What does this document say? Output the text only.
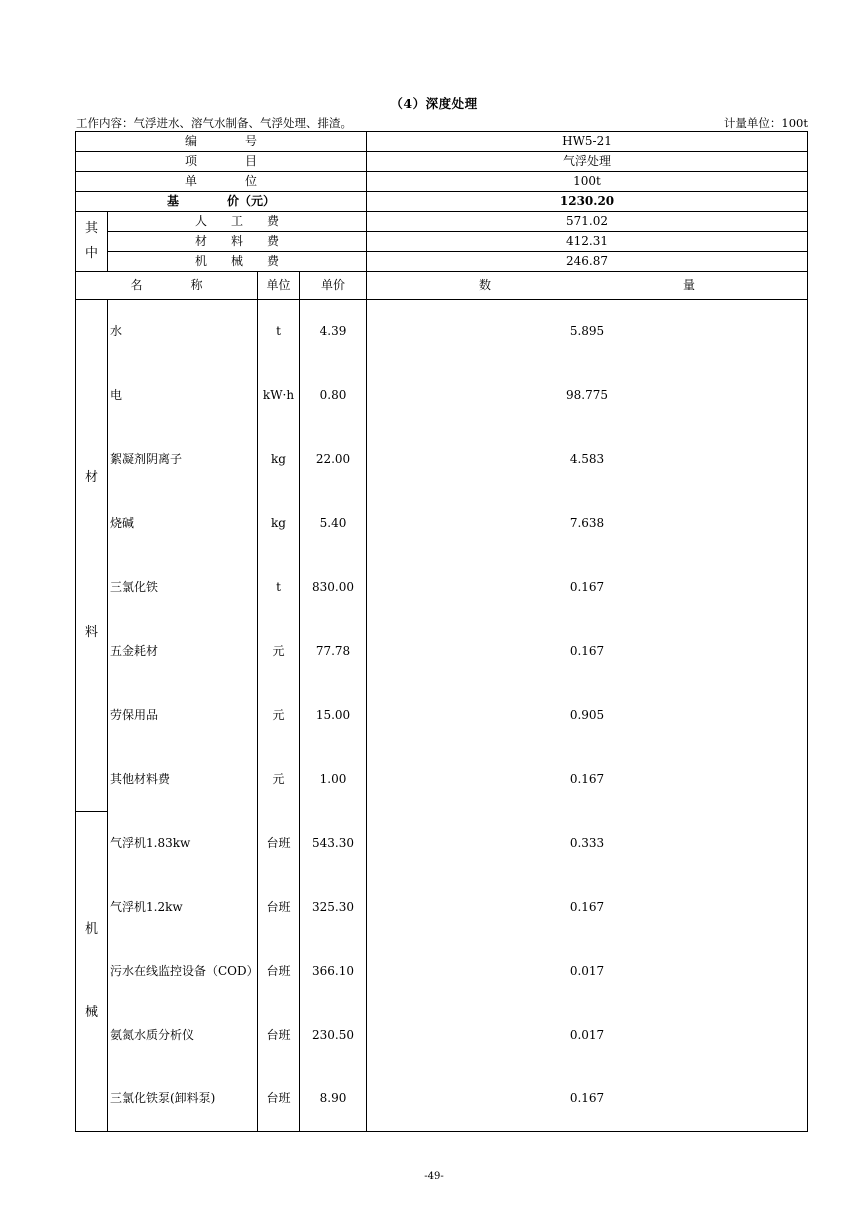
（4）深度处理
工作内容：气浮进水、溶气水制备、气浮处理、排渣。	计量单位：100t
编　　　　号				HW5-21
项　　　　目				气浮处理
单　　　　位				100t
基　　　　价（元）				1230.20

其
中	人　　工　　费			571.02
	材　　料　　费			412.31
	机　　械　　费			246.87
名　　　　称		单位	单价	数　　　　　　　　　　　　　　　　量

材
料	水	t	4.39	5.895
	电	kW·h	0.80	98.775
	絮凝剂阴离子	kg	22.00	4.583
	烧碱	kg	5.40	7.638
	三氯化铁	t	830.00	0.167
	五金耗材	元	77.78	0.167
	劳保用品	元	15.00	0.905
	其他材料费	元	1.00	0.167

机
械	气浮机1.83kw	台班	543.30	0.333
	气浮机1.2kw	台班	325.30	0.167
	污水在线监控设备（COD）	台班	366.10	0.017
	氨氮水质分析仪	台班	230.50	0.017
	三氯化铁泵(卸料泵)	台班	8.90	0.167
-49-
